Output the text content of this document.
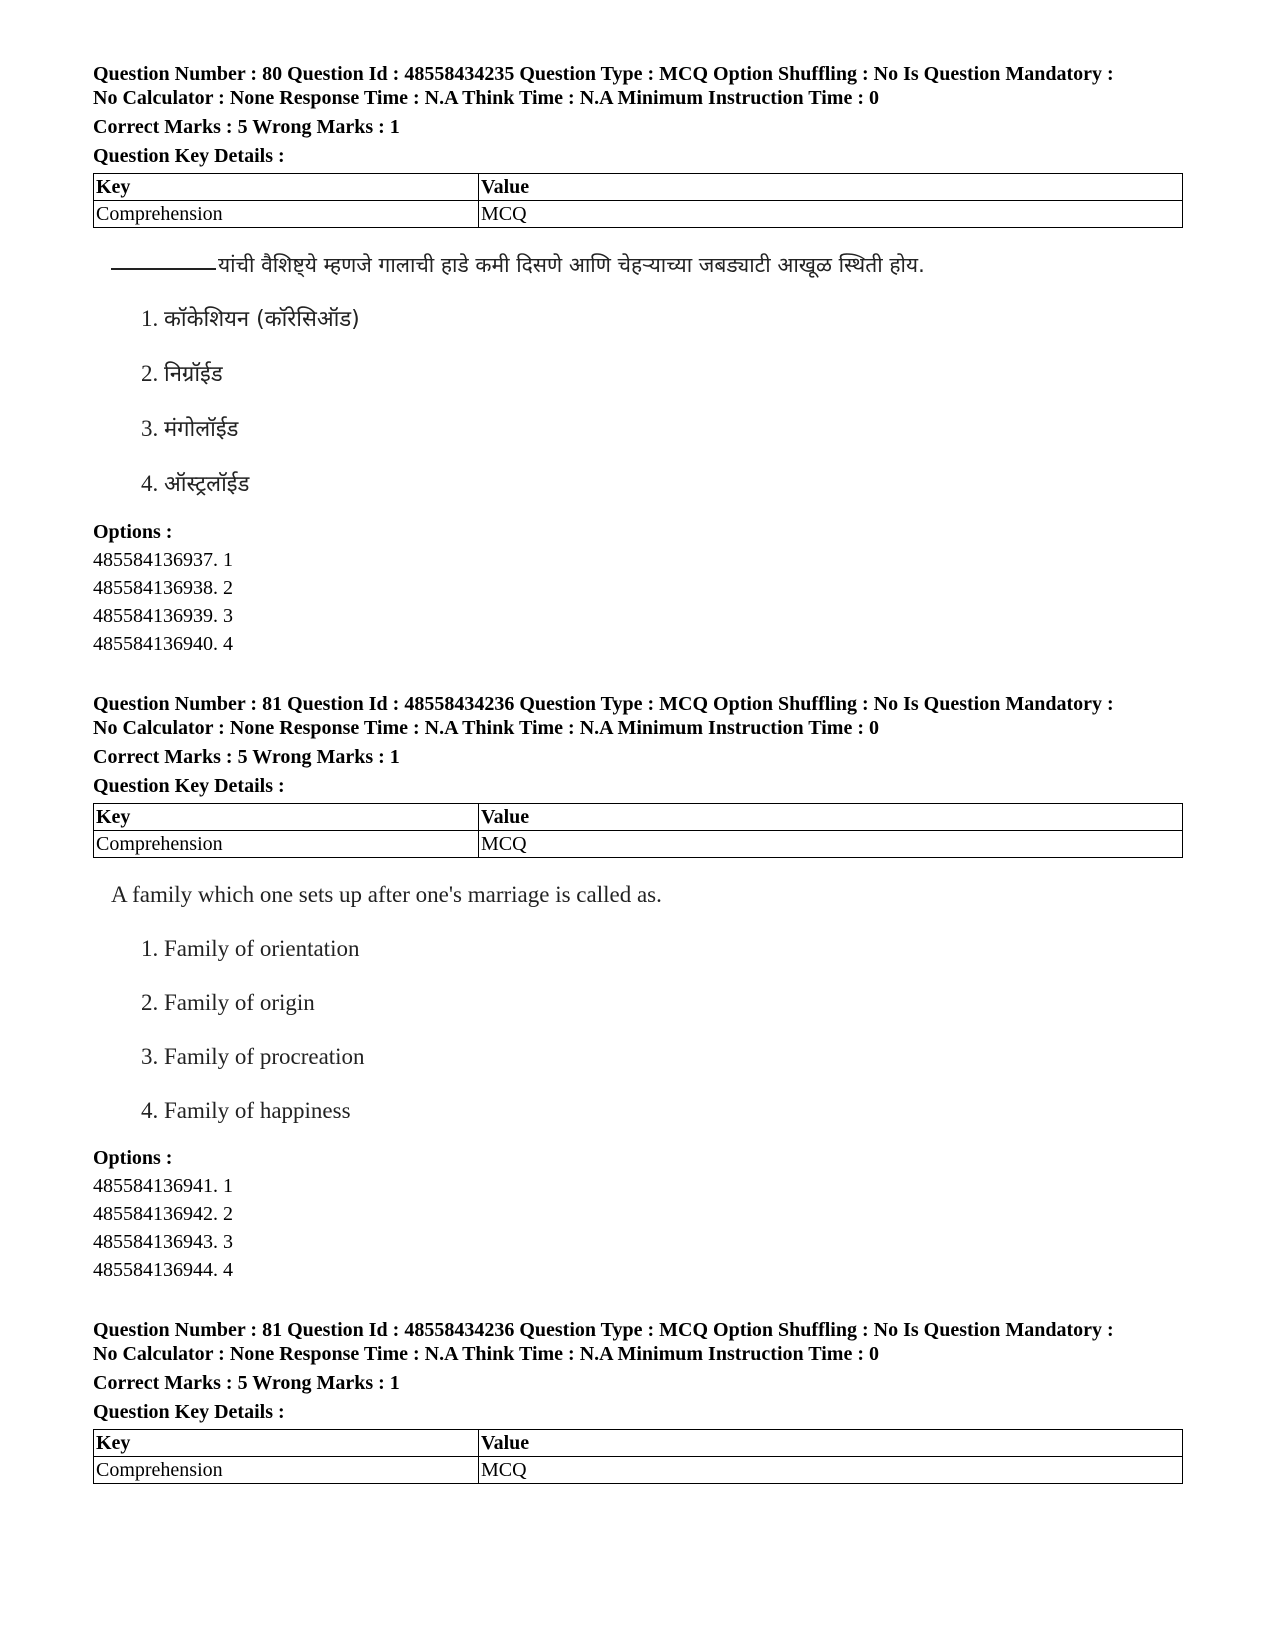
Question Number : 80 Question Id : 48558434235 Question Type : MCQ Option Shuffling : No Is Question Mandatory :
No Calculator : None Response Time : N.A Think Time : N.A Minimum Instruction Time : 0
Correct Marks : 5 Wrong Marks : 1
Question Key Details :
Key	Value
Comprehension	MCQ
यांची वैशिष्ट्ये म्हणजे गालाची हाडे कमी दिसणे आणि चेहऱ्याच्या जबड्याटी आखूळ स्थिती होय.
1. कॉकेशियन (कॉरेसिऑड)
2. निग्रॉईड
3. मंगोलॉईड
4. ऑस्ट्रलॉईड
Options :
485584136937. 1
485584136938. 2
485584136939. 3
485584136940. 4
Question Number : 81 Question Id : 48558434236 Question Type : MCQ Option Shuffling : No Is Question Mandatory :
No Calculator : None Response Time : N.A Think Time : N.A Minimum Instruction Time : 0
Correct Marks : 5 Wrong Marks : 1
Question Key Details :
Key	Value
Comprehension	MCQ
A family which one sets up after one's marriage is called as.
1. Family of orientation
2. Family of origin
3. Family of procreation
4. Family of happiness
Options :
485584136941. 1
485584136942. 2
485584136943. 3
485584136944. 4
Question Number : 81 Question Id : 48558434236 Question Type : MCQ Option Shuffling : No Is Question Mandatory :
No Calculator : None Response Time : N.A Think Time : N.A Minimum Instruction Time : 0
Correct Marks : 5 Wrong Marks : 1
Question Key Details :
Key	Value
Comprehension	MCQ
